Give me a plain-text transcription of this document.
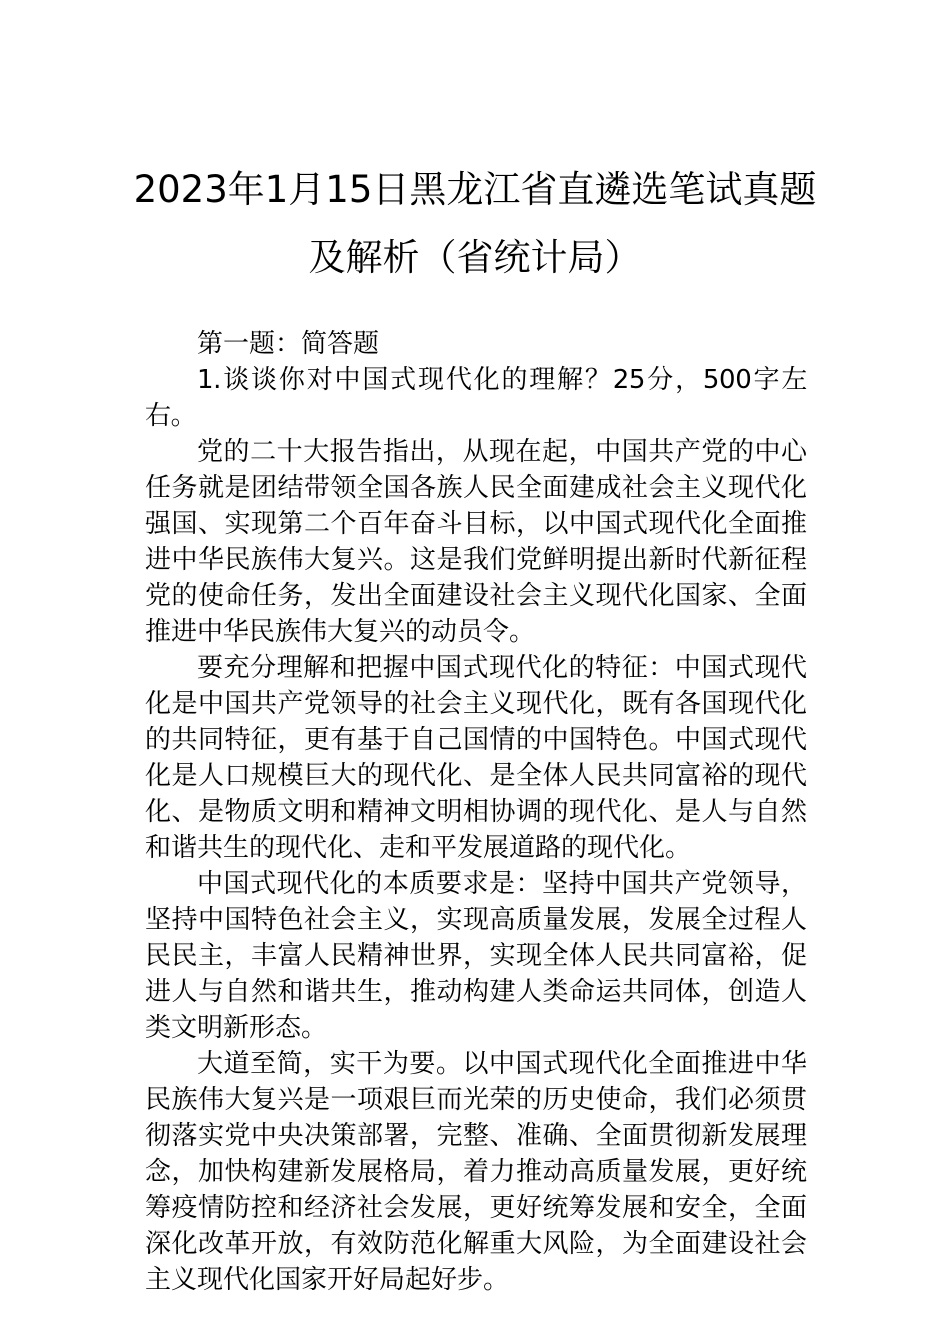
2023年1月15日黑龙江省直遴选笔试真题
及解析（省统计局）

第一题：简答题

1.谈谈你对中国式现代化的理解？25分，500字左右。

党的二十大报告指出，从现在起，中国共产党的中心任务就是团结带领全国各族人民全面建成社会主义现代化强国、实现第二个百年奋斗目标，以中国式现代化全面推进中华民族伟大复兴。这是我们党鲜明提出新时代新征程党的使命任务，发出全面建设社会主义现代化国家、全面推进中华民族伟大复兴的动员令。

要充分理解和把握中国式现代化的特征：中国式现代化是中国共产党领导的社会主义现代化，既有各国现代化的共同特征，更有基于自己国情的中国特色。中国式现代化是人口规模巨大的现代化、是全体人民共同富裕的现代化、是物质文明和精神文明相协调的现代化、是人与自然和谐共生的现代化、走和平发展道路的现代化。

中国式现代化的本质要求是：坚持中国共产党领导，坚持中国特色社会主义，实现高质量发展，发展全过程人民民主，丰富人民精神世界，实现全体人民共同富裕，促进人与自然和谐共生，推动构建人类命运共同体，创造人类文明新形态。

大道至简，实干为要。以中国式现代化全面推进中华民族伟大复兴是一项艰巨而光荣的历史使命，我们必须贯彻落实党中央决策部署，完整、准确、全面贯彻新发展理念，加快构建新发展格局，着力推动高质量发展，更好统筹疫情防控和经济社会发展，更好统筹发展和安全，全面深化改革开放，有效防范化解重大风险，为全面建设社会主义现代化国家开好局起好步。
